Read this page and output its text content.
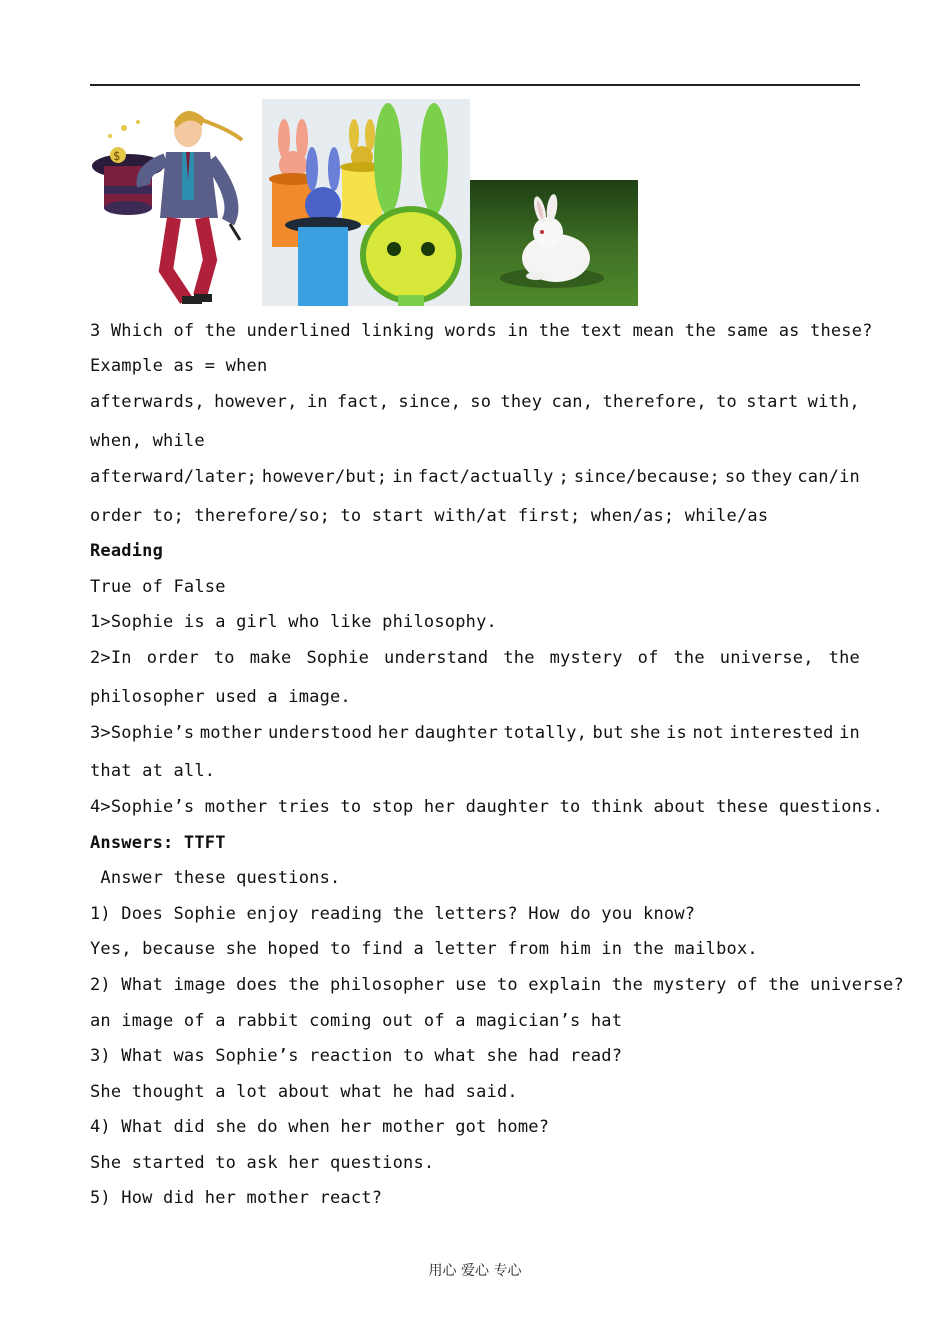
$
3 Which of the underlined linking words in the text mean the same as these?
Example as = when
afterwards, however, in fact, since, so they can, therefore, to start with,
when, while
afterward/later; however/but; in fact/actually ; since/because; so they can/in
order to; therefore/so; to start with/at first; when/as; while/as
Reading
True of False
1>Sophie is a girl who like philosophy.
2>In order to make Sophie understand the mystery of the universe, the
philosopher used a image.
3>Sophie’s mother understood her daughter totally, but she is not interested in
that at all.
4>Sophie’s mother tries to stop her daughter to think about these questions.
Answers: TTFT
Answer these questions.
1) Does Sophie enjoy reading the letters? How do you know?
Yes, because she hoped to find a letter from him in the mailbox.
2) What image does the philosopher use to explain the mystery of the universe?
an image of a rabbit coming out of a magician’s hat
3) What was Sophie’s reaction to what she had read?
She thought a lot about what he had said.
4) What did she do when her mother got home?
She started to ask her questions.
5) How did her mother react?
用心 爱心 专心
